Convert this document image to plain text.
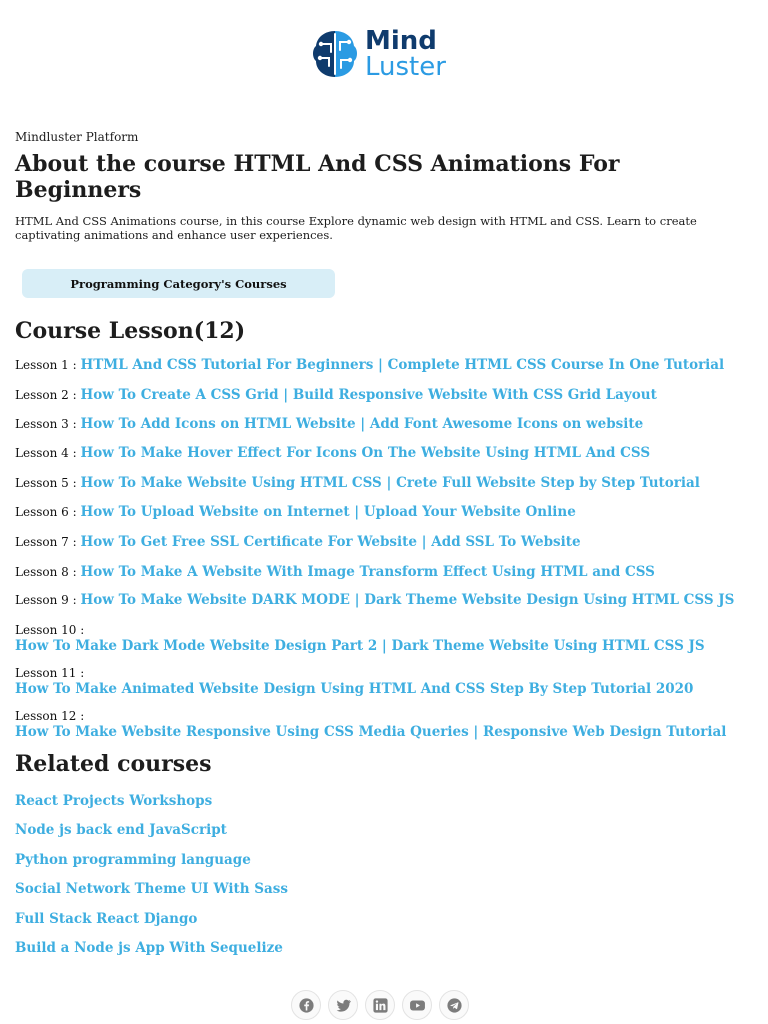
Mind
Luster
Mindluster Platform
About the course HTML And CSS Animations For Beginners

HTML And CSS Animations course, in this course Explore dynamic web design with HTML and CSS. Learn to create captivating animations and enhance user experiences.

Programming Category's Courses
Course Lesson(12)
Lesson 1 : HTML And CSS Tutorial For Beginners | Complete HTML CSS Course In One Tutorial
Lesson 2 : How To Create A CSS Grid | Build Responsive Website With CSS Grid Layout
Lesson 3 : How To Add Icons on HTML Website | Add Font Awesome Icons on website
Lesson 4 : How To Make Hover Effect For Icons On The Website Using HTML And CSS
Lesson 5 : How To Make Website Using HTML CSS | Crete Full Website Step by Step Tutorial
Lesson 6 : How To Upload Website on Internet | Upload Your Website Online
Lesson 7 : How To Get Free SSL Certificate For Website | Add SSL To Website
Lesson 8 : How To Make A Website With Image Transform Effect Using HTML and CSS
Lesson 9 : How To Make Website DARK MODE | Dark Theme Website Design Using HTML CSS JS
Lesson 10 :
How To Make Dark Mode Website Design Part 2 | Dark Theme Website Using HTML CSS JS
Lesson 11 :
How To Make Animated Website Design Using HTML And CSS Step By Step Tutorial 2020
Lesson 12 :
How To Make Website Responsive Using CSS Media Queries | Responsive Web Design Tutorial
Related courses
React Projects Workshops
Node js back end JavaScript
Python programming language
Social Network Theme UI With Sass
Full Stack React Django
Build a Node js App With Sequelize
